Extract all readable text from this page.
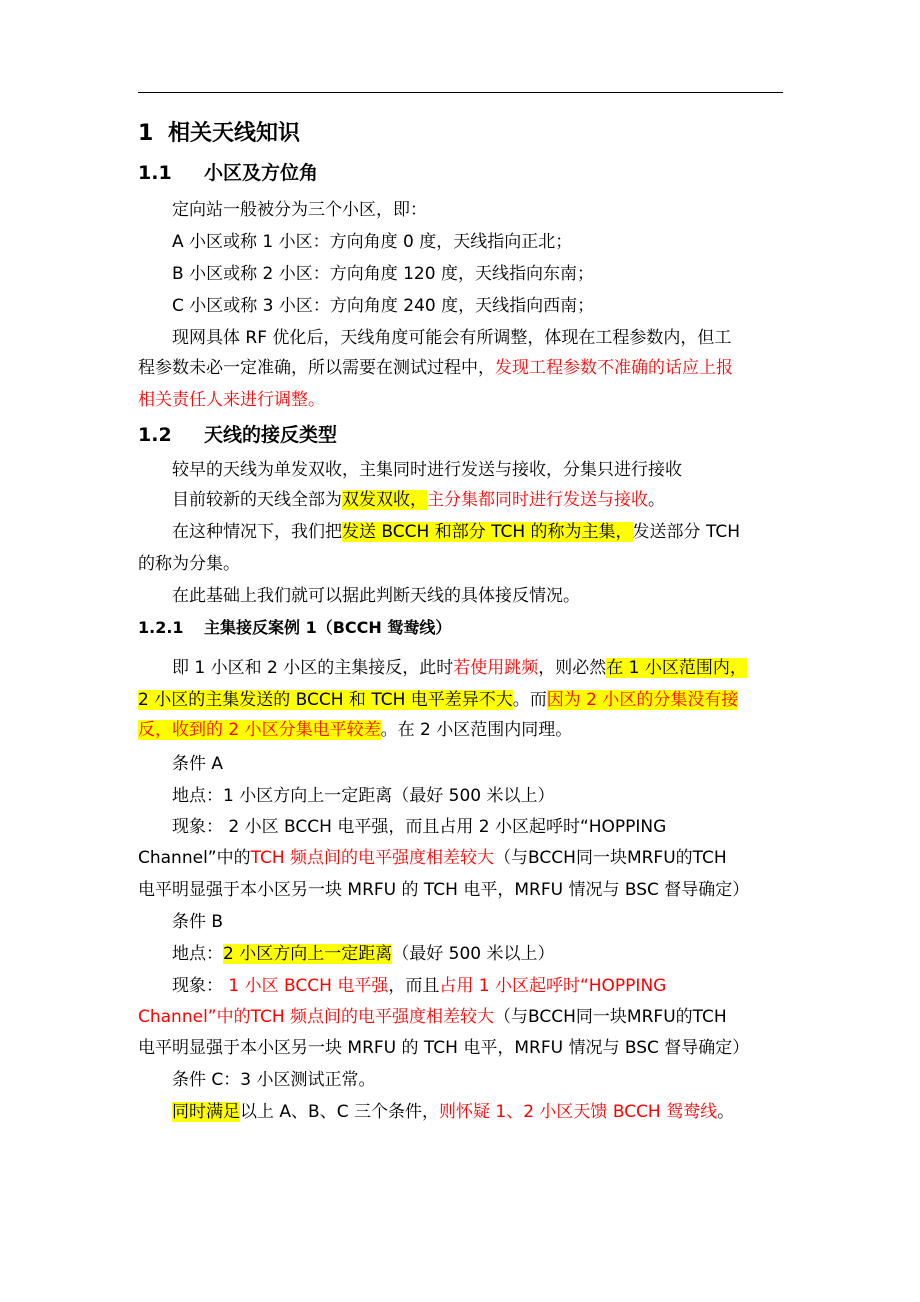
1 相关天线知识
1.1 小区及方位角
定向站一般被分为三个小区，即：
A 小区或称 1 小区：方向角度 0 度，天线指向正北；
B 小区或称 2 小区：方向角度 120 度，天线指向东南；
C 小区或称 3 小区：方向角度 240 度，天线指向西南；
现网具体 RF 优化后，天线角度可能会有所调整，体现在工程参数内，但工
程参数未必一定准确，所以需要在测试过程中，发现工程参数不准确的话应上报
相关责任人来进行调整。
1.2 天线的接反类型
较早的天线为单发双收，主集同时进行发送与接收，分集只进行接收
目前较新的天线全部为双发双收，主分集都同时进行发送与接收。
在这种情况下，我们把发送 BCCH 和部分 TCH 的称为主集，发送部分 TCH
的称为分集。
在此基础上我们就可以据此判断天线的具体接反情况。
1.2.1 主集接反案例 1（BCCH 鸳鸯线）
即 1 小区和 2 小区的主集接反，此时若使用跳频，则必然在 1 小区范围内，
2 小区的主集发送的 BCCH 和 TCH 电平差异不大。而因为 2 小区的分集没有接
反，收到的 2 小区分集电平较差。在 2 小区范围内同理。
条件 A
地点：1 小区方向上一定距离（最好 500 米以上）
现象： 2 小区 BCCH 电平强，而且占用 2 小区起呼时“HOPPING
Channel”中的TCH 频点间的电平强度相差较大（与BCCH同一块MRFU的TCH
电平明显强于本小区另一块 MRFU 的 TCH 电平，MRFU 情况与 BSC 督导确定）
条件 B
地点：2 小区方向上一定距离（最好 500 米以上）
现象： 1 小区 BCCH 电平强，而且占用 1 小区起呼时“HOPPING
Channel”中的TCH 频点间的电平强度相差较大（与BCCH同一块MRFU的TCH
电平明显强于本小区另一块 MRFU 的 TCH 电平，MRFU 情况与 BSC 督导确定）
条件 C：3 小区测试正常。
同时满足以上 A、B、C 三个条件，则怀疑 1、2 小区天馈 BCCH 鸳鸯线。
